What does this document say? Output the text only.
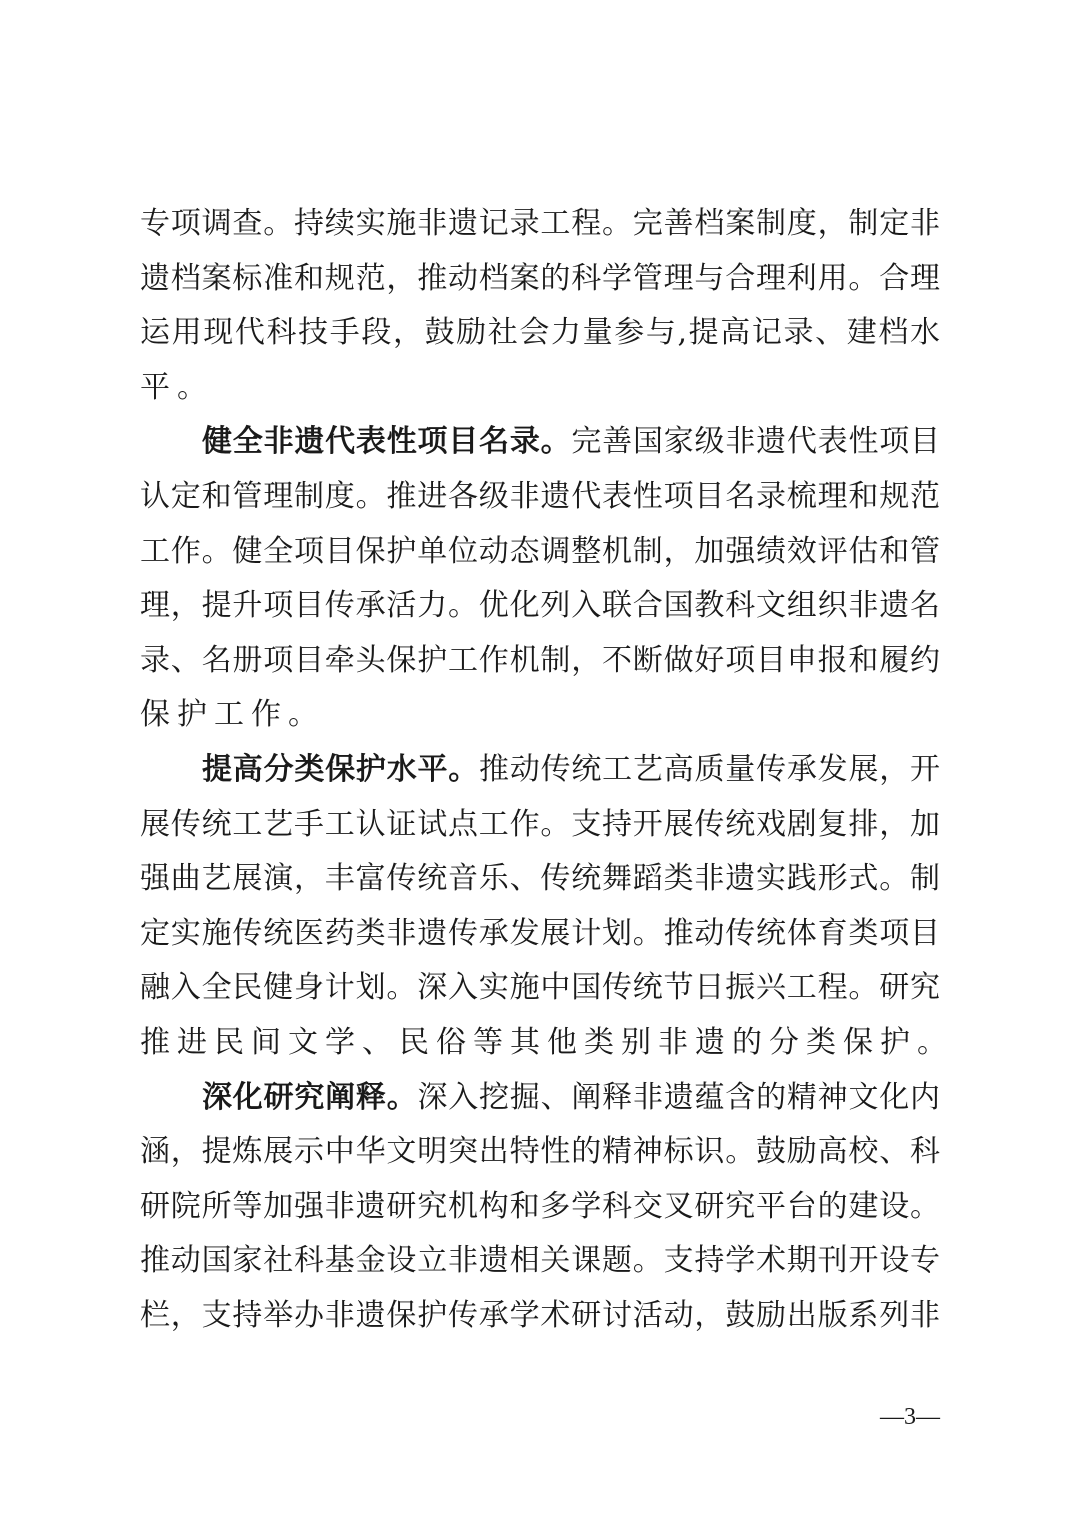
专项调查。持续实施非遗记录工程。完善档案制度，制定非
遗档案标准和规范，推动档案的科学管理与合理利用。合理
运用现代科技手段，鼓励社会力量参与,提高记录、建档水
平。
健全非遗代表性项目名录。完善国家级非遗代表性项目
认定和管理制度。推进各级非遗代表性项目名录梳理和规范
工作。健全项目保护单位动态调整机制，加强绩效评估和管
理，提升项目传承活力。优化列入联合国教科文组织非遗名
录、名册项目牵头保护工作机制，不断做好项目申报和履约
保护工作。
提高分类保护水平。推动传统工艺高质量传承发展，开
展传统工艺手工认证试点工作。支持开展传统戏剧复排，加
强曲艺展演，丰富传统音乐、传统舞蹈类非遗实践形式。制
定实施传统医药类非遗传承发展计划。推动传统体育类项目
融入全民健身计划。深入实施中国传统节日振兴工程。研究
推进民间文学、民俗等其他类别非遗的分类保护。
深化研究阐释。深入挖掘、阐释非遗蕴含的精神文化内
涵，提炼展示中华文明突出特性的精神标识。鼓励高校、科
研院所等加强非遗研究机构和多学科交叉研究平台的建设。
推动国家社科基金设立非遗相关课题。支持学术期刊开设专
栏，支持举办非遗保护传承学术研讨活动，鼓励出版系列非
—3—
